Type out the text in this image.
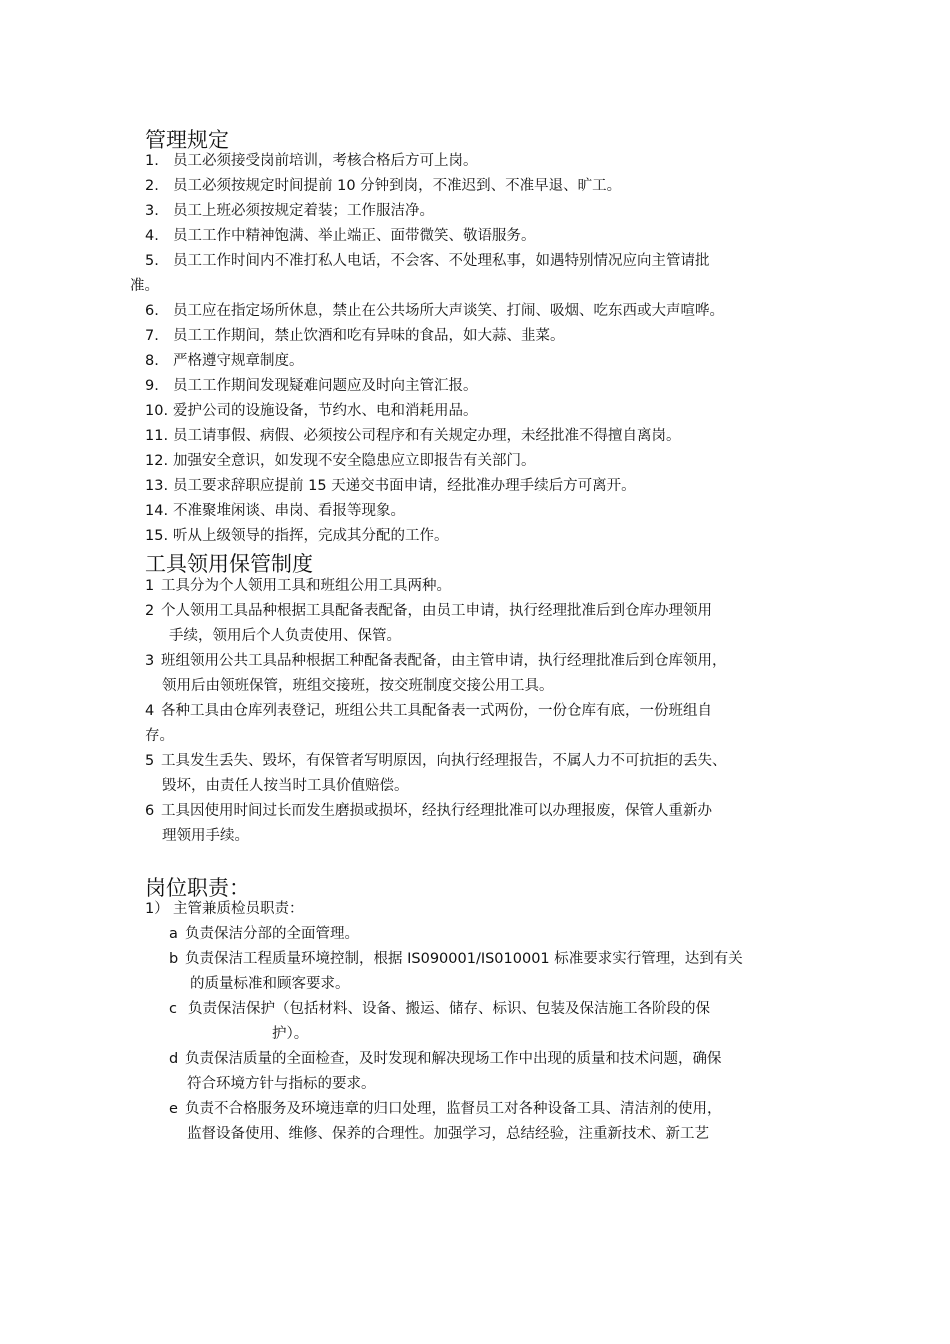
管理规定
1. 员工必须接受岗前培训，考核合格后方可上岗。
2. 员工必须按规定时间提前 10 分钟到岗，不准迟到、不准早退、旷工。
3. 员工上班必须按规定着装；工作服洁净。
4. 员工工作中精神饱满、举止端正、面带微笑、敬语服务。
5. 员工工作时间内不准打私人电话，不会客、不处理私事，如遇特别情况应向主管请批
准。
6. 员工应在指定场所休息，禁止在公共场所大声谈笑、打闹、吸烟、吃东西或大声喧哗。
7. 员工工作期间，禁止饮酒和吃有异味的食品，如大蒜、韭菜。
8. 严格遵守规章制度。
9. 员工工作期间发现疑难问题应及时向主管汇报。
10. 爱护公司的设施设备，节约水、电和消耗用品。
11. 员工请事假、病假、必须按公司程序和有关规定办理，未经批准不得擅自离岗。
12. 加强安全意识，如发现不安全隐患应立即报告有关部门。
13. 员工要求辞职应提前 15 天递交书面申请，经批准办理手续后方可离开。
14. 不准聚堆闲谈、串岗、看报等现象。
15. 听从上级领导的指挥，完成其分配的工作。
工具领用保管制度
1 工具分为个人领用工具和班组公用工具两种。
2 个人领用工具品种根据工具配备表配备，由员工申请，执行经理批准后到仓库办理领用
手续，领用后个人负责使用、保管。
3 班组领用公共工具品种根据工种配备表配备，由主管申请，执行经理批准后到仓库领用，
领用后由领班保管，班组交接班，按交班制度交接公用工具。
4 各种工具由仓库列表登记，班组公共工具配备表一式两份，一份仓库有底，一份班组自
存。
5 工具发生丢失、毁坏，有保管者写明原因，向执行经理报告，不属人力不可抗拒的丢失、
毁坏，由责任人按当时工具价值赔偿。
6 工具因使用时间过长而发生磨损或损坏，经执行经理批准可以办理报废，保管人重新办
理领用手续。
岗位职责：
1） 主管兼质检员职责：
a 负责保洁分部的全面管理。
b 负责保洁工程质量环境控制，根据 IS090001/IS010001 标准要求实行管理，达到有关
的质量标准和顾客要求。
c 负责保洁保护（包括材料、设备、搬运、储存、标识、包装及保洁施工各阶段的保
护）。
d 负责保洁质量的全面检查，及时发现和解决现场工作中出现的质量和技术问题，确保
符合环境方针与指标的要求。
e 负责不合格服务及环境违章的归口处理，监督员工对各种设备工具、清洁剂的使用，
监督设备使用、维修、保养的合理性。加强学习，总结经验，注重新技术、新工艺
